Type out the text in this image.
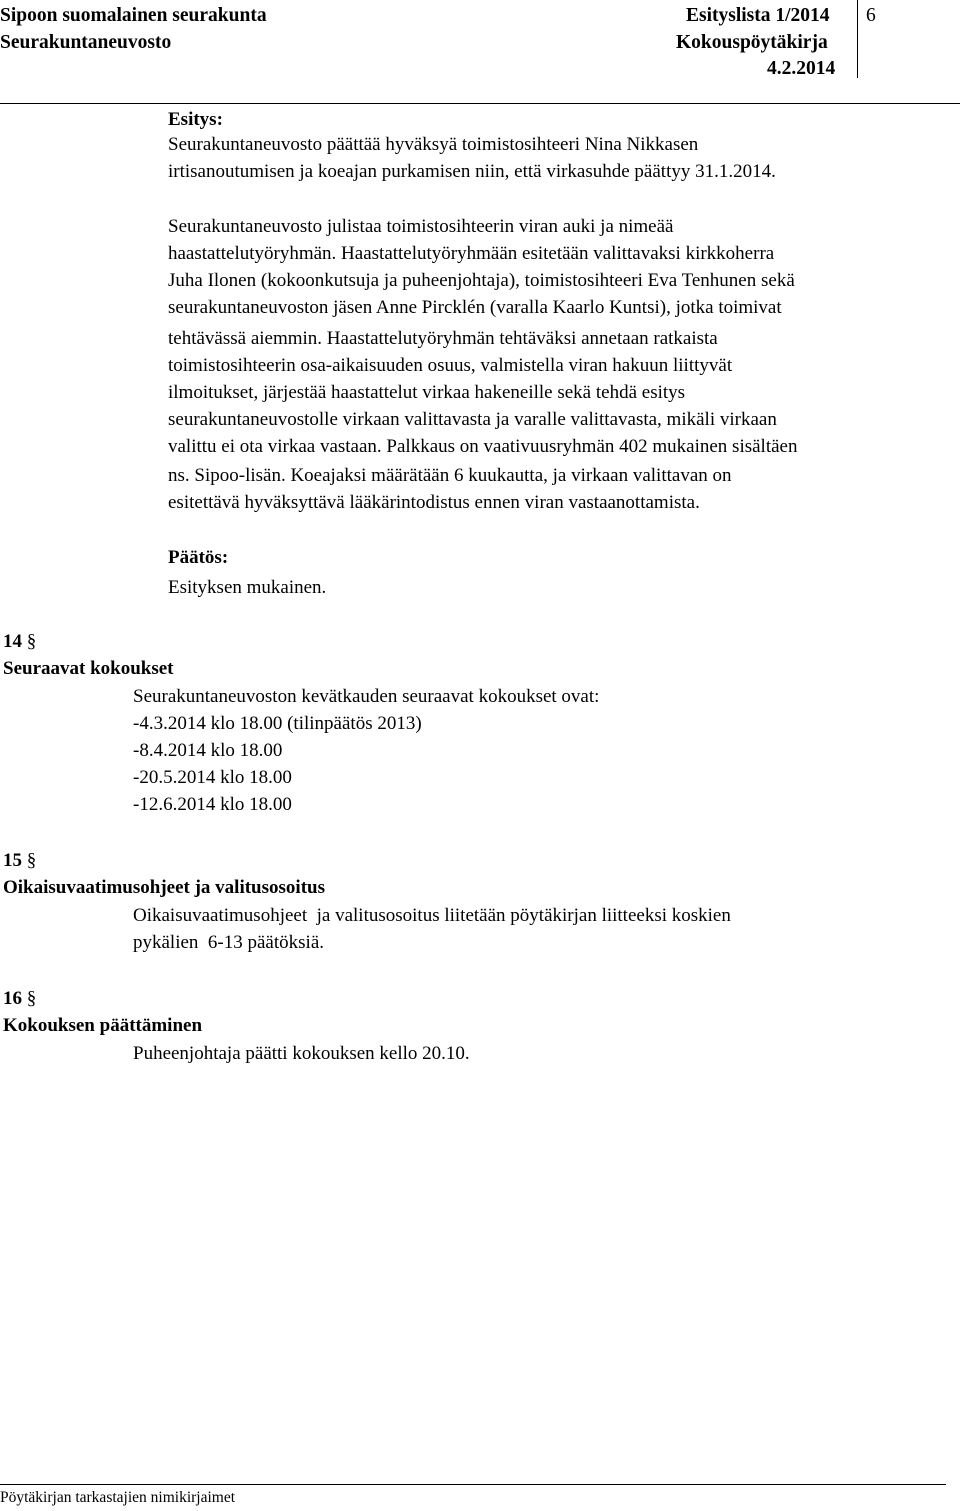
Sipoon suomalainen seurakunta
Seurakuntaneuvosto
Esityslista 1/2014
Kokouspöytäkirja
4.2.2014
6
Esitys:
Seurakuntaneuvosto päättää hyväksyä toimistosihteeri Nina Nikkasen
irtisanoutumisen ja koeajan purkamisen niin, että virkasuhde päättyy 31.1.2014.
Seurakuntaneuvosto julistaa toimistosihteerin viran auki ja nimeää
haastattelutyöryhmän. Haastattelutyöryhmään esitetään valittavaksi kirkkoherra
Juha Ilonen (kokoonkutsuja ja puheenjohtaja), toimistosihteeri Eva Tenhunen sekä
seurakuntaneuvoston jäsen Anne Pircklén (varalla Kaarlo Kuntsi), jotka toimivat
tehtävässä aiemmin. Haastattelutyöryhmän tehtäväksi annetaan ratkaista
toimistosihteerin osa-aikaisuuden osuus, valmistella viran hakuun liittyvät
ilmoitukset, järjestää haastattelut virkaa hakeneille sekä tehdä esitys
seurakuntaneuvostolle virkaan valittavasta ja varalle valittavasta, mikäli virkaan
valittu ei ota virkaa vastaan. Palkkaus on vaativuusryhmän 402 mukainen sisältäen
ns. Sipoo-lisän. Koeajaksi määrätään 6 kuukautta, ja virkaan valittavan on
esitettävä hyväksyttävä lääkärintodistus ennen viran vastaanottamista.
Päätös:
Esityksen mukainen.
14 §
Seuraavat kokoukset
Seurakuntaneuvoston kevätkauden seuraavat kokoukset ovat:
-4.3.2014 klo 18.00 (tilinpäätös 2013)
-8.4.2014 klo 18.00
-20.5.2014 klo 18.00
-12.6.2014 klo 18.00
15 §
Oikaisuvaatimusohjeet ja valitusosoitus
Oikaisuvaatimusohjeet  ja valitusosoitus liitetään pöytäkirjan liitteeksi koskien
pykälien  6-13 päätöksiä.
16 §
Kokouksen päättäminen
Puheenjohtaja päätti kokouksen kello 20.10.
Pöytäkirjan tarkastajien nimikirjaimet
